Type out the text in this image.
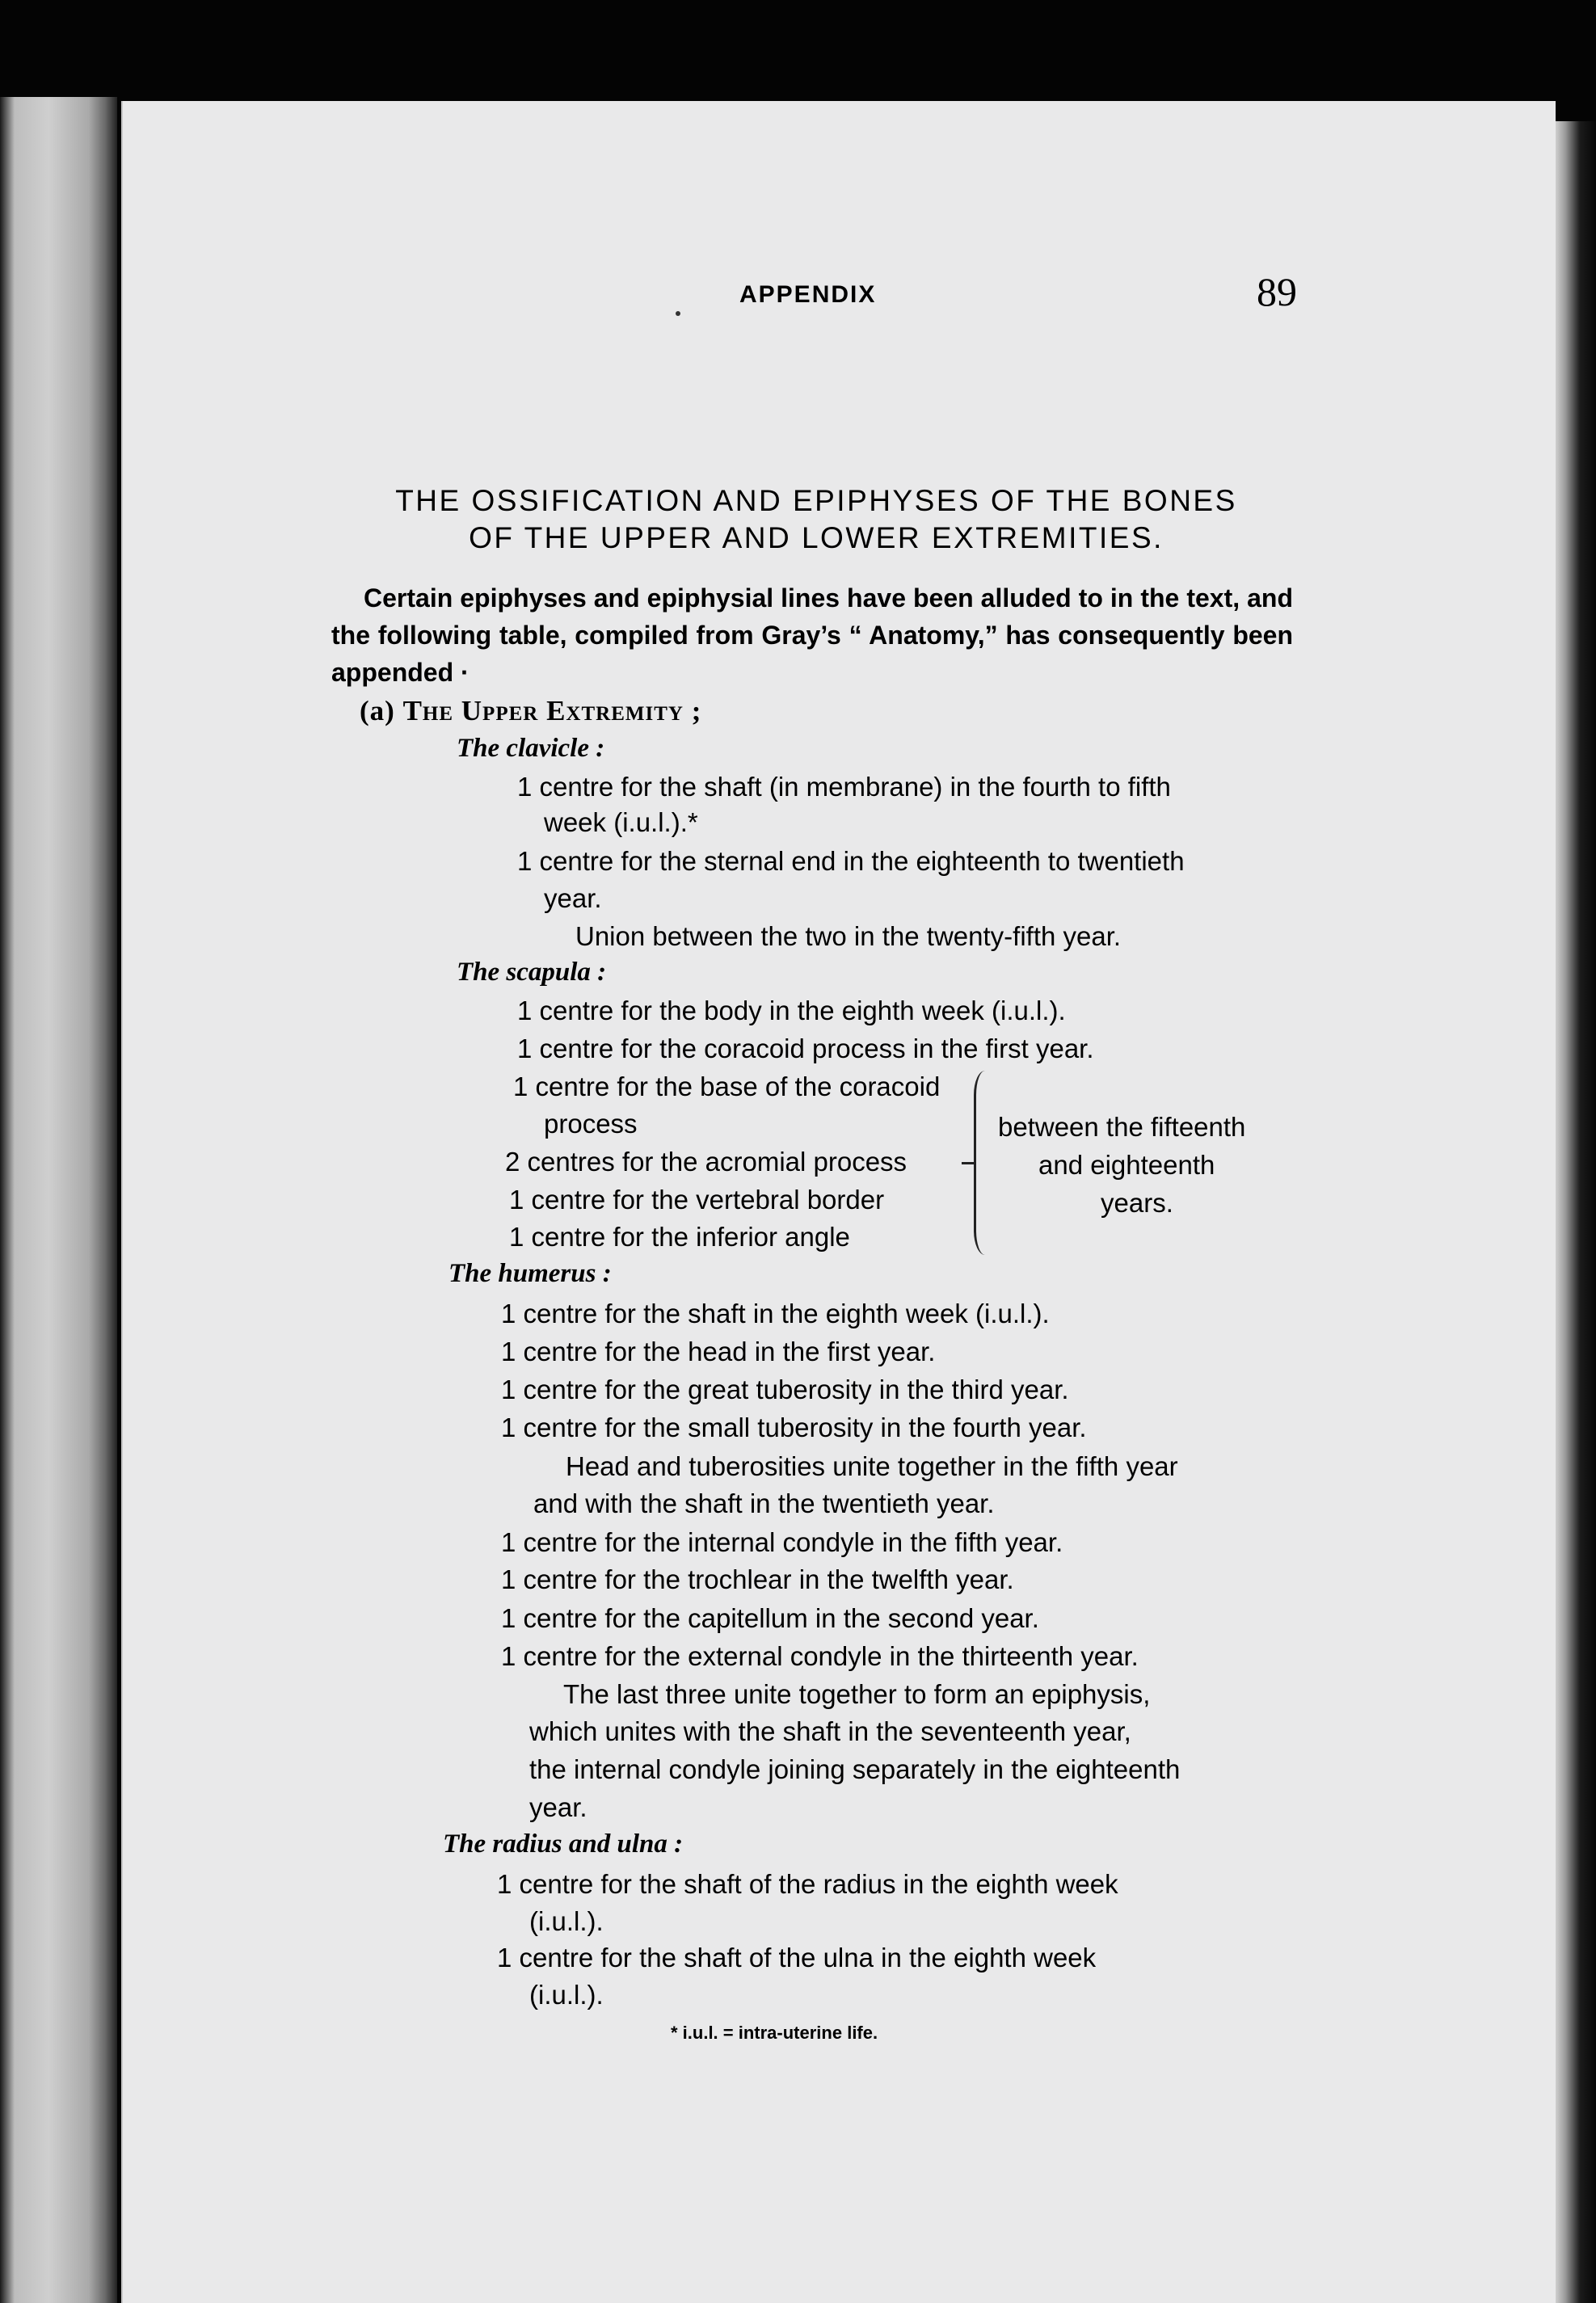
APPENDIX	89
THE OSSIFICATION AND EPIPHYSES OF THE BONES
OF THE UPPER AND LOWER EXTREMITIES.
Certain epiphyses and epiphysial lines have been alluded to in the text, and the following table, compiled from Gray’s “ Anatomy,” has consequently been appended ·
(a) The Upper Extremity ;
The clavicle :
1 centre for the shaft (in membrane) in the fourth to fifth
week (i.u.l.).*
1 centre for the sternal end in the eighteenth to twentieth
year.
Union between the two in the twenty-fifth year.
The scapula :
1 centre for the body in the eighth week (i.u.l.).
1 centre for the coracoid process in the first year.
1 centre for the base of the coracoid
process
2 centres for the acromial process
1 centre for the vertebral border
1 centre for the inferior angle
between the fifteenth
and eighteenth
years.
The humerus :
1 centre for the shaft in the eighth week (i.u.l.).
1 centre for the head in the first year.
1 centre for the great tuberosity in the third year.
1 centre for the small tuberosity in the fourth year.
Head and tuberosities unite together in the fifth year
and with the shaft in the twentieth year.
1 centre for the internal condyle in the fifth year.
1 centre for the trochlear in the twelfth year.
1 centre for the capitellum in the second year.
1 centre for the external condyle in the thirteenth year.
The last three unite together to form an epiphysis,
which unites with the shaft in the seventeenth year,
the internal condyle joining separately in the eighteenth
year.
The radius and ulna :
1 centre for the shaft of the radius in the eighth week
(i.u.l.).
1 centre for the shaft of the ulna in the eighth week
(i.u.l.).
* i.u.l. = intra-uterine life.
